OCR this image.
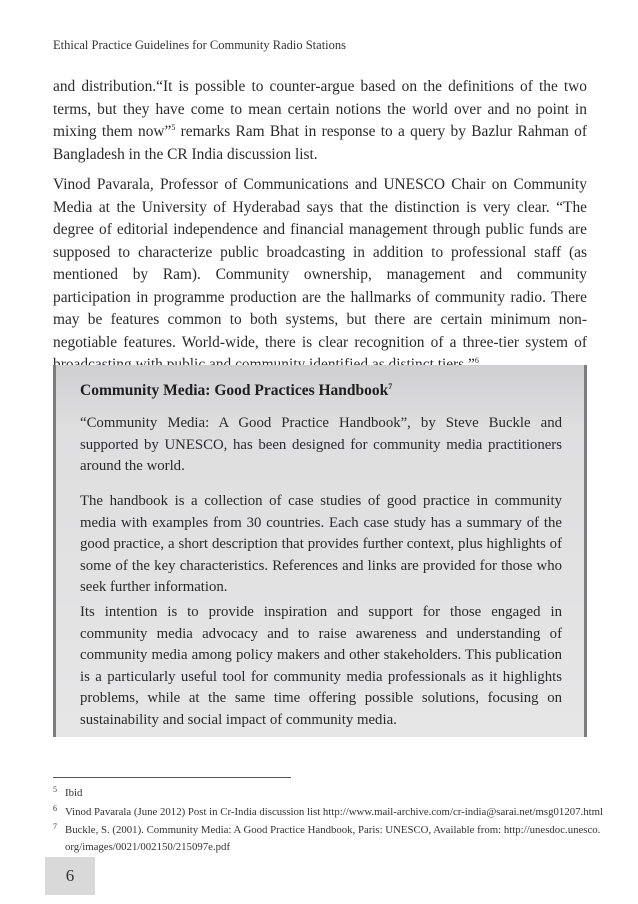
Ethical Practice Guidelines for Community Radio Stations

and distribution.“It is possible to counter-argue based on the definitions of the two terms, but they have come to mean certain notions the world over and no point in mixing them now”$^5$ remarks Ram Bhat in response to a query by Bazlur Rahman of Bangladesh in the CR India discussion list.

Vinod Pavarala, Professor of Communications and UNESCO Chair on Community Media at the University of Hyderabad says that the distinction is very clear. “The degree of editorial independence and financial management through public funds are supposed to characterize public broadcasting in addition to professional staff (as mentioned by Ram). Community ownership, management and community participation in programme production are the hallmarks of community radio. There may be features common to both systems, but there are certain minimum non-negotiable features. World-wide, there is clear recognition of a three-tier system of $^6$

Community Media: Good Practices Handbook$^7$

“Community Media: A Good Practice Handbook”, by Steve Buckle and supported by UNESCO, has been designed for community media practitioners around the world.

The handbook is a collection of case studies of good practice in community media with examples from 30 countries. Each case study has a summary of the good practice, a short description that provides further context, plus highlights of some of the key characteristics. References and links are provided for those who seek further information.

Its intention is to provide inspiration and support for those engaged in community media advocacy and to raise awareness and understanding of community media among policy makers and other stakeholders. This publication is a particularly useful tool for community media professionals as it highlights problems, while at the same time offering possible solutions, focusing on sustainability and social impact of community media.

5 Ibid

6 Vinod Pavarala (June 2012) Post in Cr-India discussion list http://www.mail-archive.com/cr-india@sarai.net/msg01207.html

7 Buckle, S. (2001). Community Media: A Good Practice Handbook, Paris: UNESCO, Available from: http://unesdoc.unesco.
org/images/0021/002150/215097e.pdf

6
